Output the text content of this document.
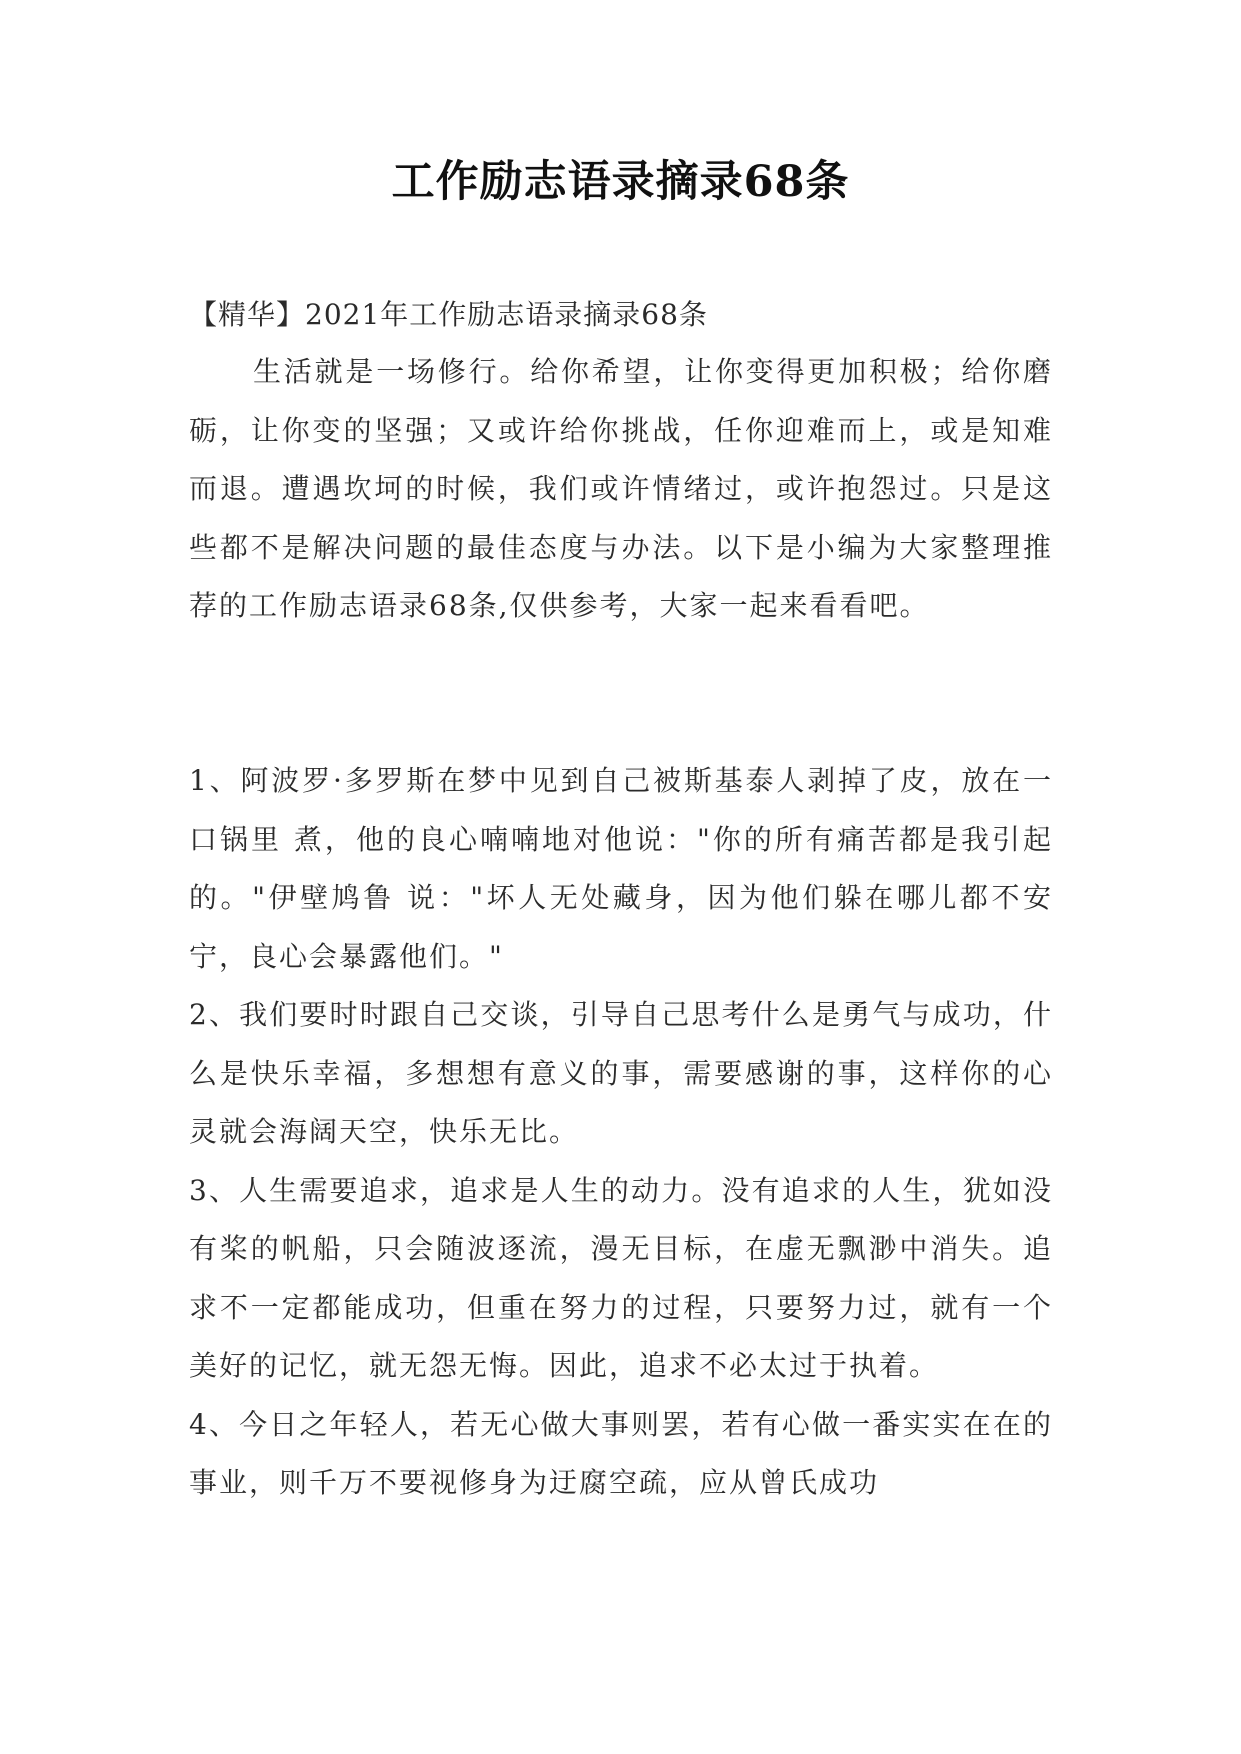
工作励志语录摘录68条
【精华】2021年工作励志语录摘录68条
生活就是一场修行。给你希望，让你变得更加积极；给你磨砺，让你变的坚强；又或许给你挑战，任你迎难而上，或是知难而退。遭遇坎坷的时候，我们或许情绪过，或许抱怨过。只是这些都不是解决问题的最佳态度与办法。以下是小编为大家整理推荐的工作励志语录68条,仅供参考，大家一起来看看吧。

1、阿波罗·多罗斯在梦中见到自己被斯基泰人剥掉了皮，放在一口锅里 煮，他的良心喃喃地对他说："你的所有痛苦都是我引起的。"伊壁鸠鲁 说："坏人无处藏身，因为他们躲在哪儿都不安宁，良心会暴露他们。"

2、我们要时时跟自己交谈，引导自己思考什么是勇气与成功，什么是快乐幸福，多想想有意义的事，需要感谢的事，这样你的心灵就会海阔天空，快乐无比。

3、人生需要追求，追求是人生的动力。没有追求的人生，犹如没有桨的帆船，只会随波逐流，漫无目标，在虚无飘渺中消失。追求不一定都能成功，但重在努力的过程，只要努力过，就有一个美好的记忆，就无怨无悔。因此，追求不必太过于执着。

4、今日之年轻人，若无心做大事则罢，若有心做一番实实在在的事业，则千万不要视修身为迂腐空疏，应从曾氏成功
